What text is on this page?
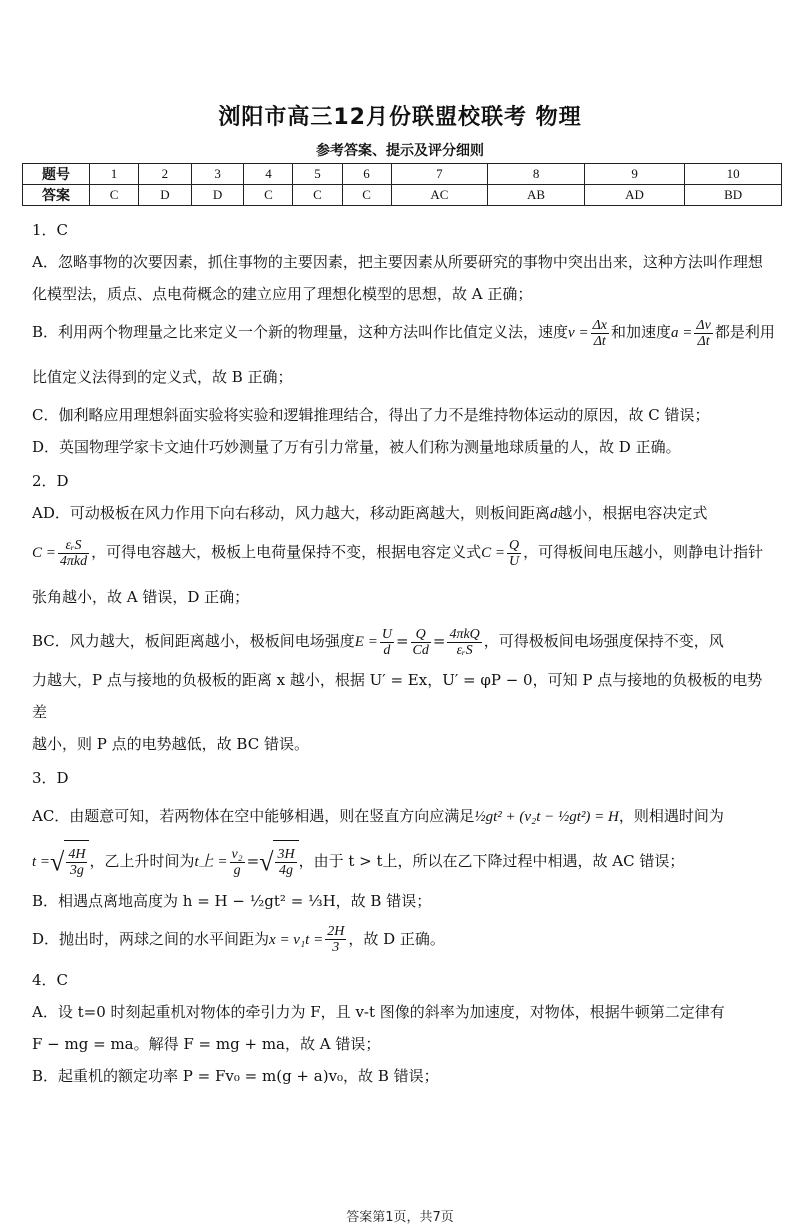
浏阳市高三12月份联盟校联考 物理
参考答案、提示及评分细则
题号	1	2	3	4	5	6	7	8	9	10
答案	C	D	D	C	C	C	AC	AB	AD	BD

1．C

A．忽略事物的次要因素，抓住事物的主要因素，把主要因素从所要研究的事物中突出出来，这种方法叫作理想化模型法，质点、点电荷概念的建立应用了理想化模型的思想，故 A 正确；

B．利用两个物理量之比来定义一个新的物理量，这种方法叫作比值定义法，速度$v = \frac{\Delta x}{\Delta t}$ 和加速度$a = \frac{\Delta v}{\Delta t}$ 都是利用比值定义法得到的定义式，故 B 正确；

C．伽利略应用理想斜面实验将实验和逻辑推理结合，得出了力不是维持物体运动的原因，故 C 错误；

D．英国物理学家卡文迪什巧妙测量了万有引力常量，被人们称为测量地球质量的人，故 D 正确。

2．D

AD．可动极板在风力作用下向右移动，风力越大，移动距离越大，则板间距离d越小，根据电容决定式

$C = \frac{\text{εᵣS}}{\text{4πkd}}$ ，可得电容越大，极板上电荷量保持不变，根据电容定义式$C = \frac{Q}{U}$ ，可得板间电压越小，则静电计指针张角越小，故 A 错误，D 正确；

BC．风力越大，板间距离越小，极板间电场强度$E = \frac{U}{d} = \frac{Q}{Cd} = \frac{\text{4πkQ}}{\text{εᵣS}}$ ，可得极板间电场强度保持不变，风

力越大，P 点与接地的负极板的距离 x 越小，根据 U′ = Ex，U′ = φP − 0，可知 P 点与接地的负极板的电势差

越小，则 P 点的电势越低，故 BC 错误。

3．D

AC．由题意可知，若两物体在空中能够相遇，则在竖直方向应满足½gt² + (v₂t − ½gt²) = H，则相遇时间为

t =√ $\frac{4H}{3g}$ ，乙上升时间为t上 = $\frac{\text{v₂}}{g}$ =√ $\frac{3H}{4g}$ ，由于 t > t上，所以在乙下降过程中相遇，故 AC 错误；

B．相遇点离地高度为 h = H − ½gt² = ⅓H，故 B 错误；

D．抛出时，两球之间的水平间距为$x = v_1t = \frac{2H}{3}$ ，故 D 正确。

4．C

A．设 t=0 时刻起重机对物体的牵引力为 F，且 v-t 图像的斜率为加速度，对物体，根据牛顿第二定律有

F − mg = ma。解得 F = mg + ma，故 A 错误；

B．起重机的额定功率 P = Fv₀ = m(g + a)v₀，故 B 错误；

答案第1页，共7页
